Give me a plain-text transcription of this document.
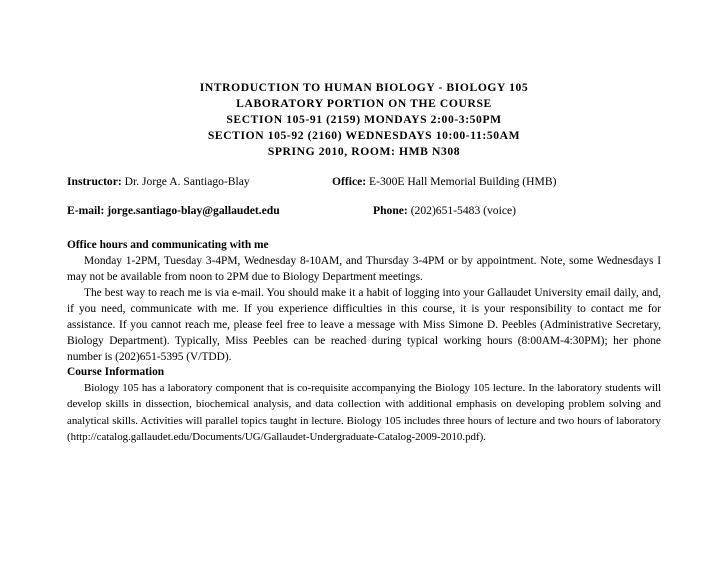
INTRODUCTION TO HUMAN BIOLOGY - BIOLOGY 105
LABORATORY PORTION ON THE COURSE
SECTION 105-91 (2159) MONDAYS 2:00-3:50PM
SECTION 105-92 (2160) WEDNESDAYS 10:00-11:50AM
SPRING 2010, ROOM: HMB N308
Instructor: Dr. Jorge A. Santiago-Blay	Office: E-300E Hall Memorial Building (HMB)
E-mail: jorge.santiago-blay@gallaudet.edu	Phone: (202)651-5483 (voice)
Office hours and communicating with me

Monday 1-2PM, Tuesday 3-4PM, Wednesday 8-10AM, and Thursday 3-4PM or by appointment. Note, some Wednesdays I may not be available from noon to 2PM due to Biology Department meetings.

The best way to reach me is via e-mail. You should make it a habit of logging into your Gallaudet University email daily, and, if you need, communicate with me. If you experience difficulties in this course, it is your responsibility to contact me for assistance. If you cannot reach me, please feel free to leave a message with Miss Simone D. Peebles (Administrative Secretary, Biology Department). Typically, Miss Peebles can be reached during typical working hours (8:00AM-4:30PM); her phone number is (202)651-5395 (V/TDD).

Course Information

Biology 105 has a laboratory component that is co-requisite accompanying the Biology 105 lecture. In the laboratory students will develop skills in dissection, biochemical analysis, and data collection with additional emphasis on developing problem solving and analytical skills. Activities will parallel topics taught in lecture. Biology 105 includes three hours of lecture and two hours of laboratory (http://catalog.gallaudet.edu/Documents/UG/Gallaudet-Undergraduate-Catalog-2009-2010.pdf).
